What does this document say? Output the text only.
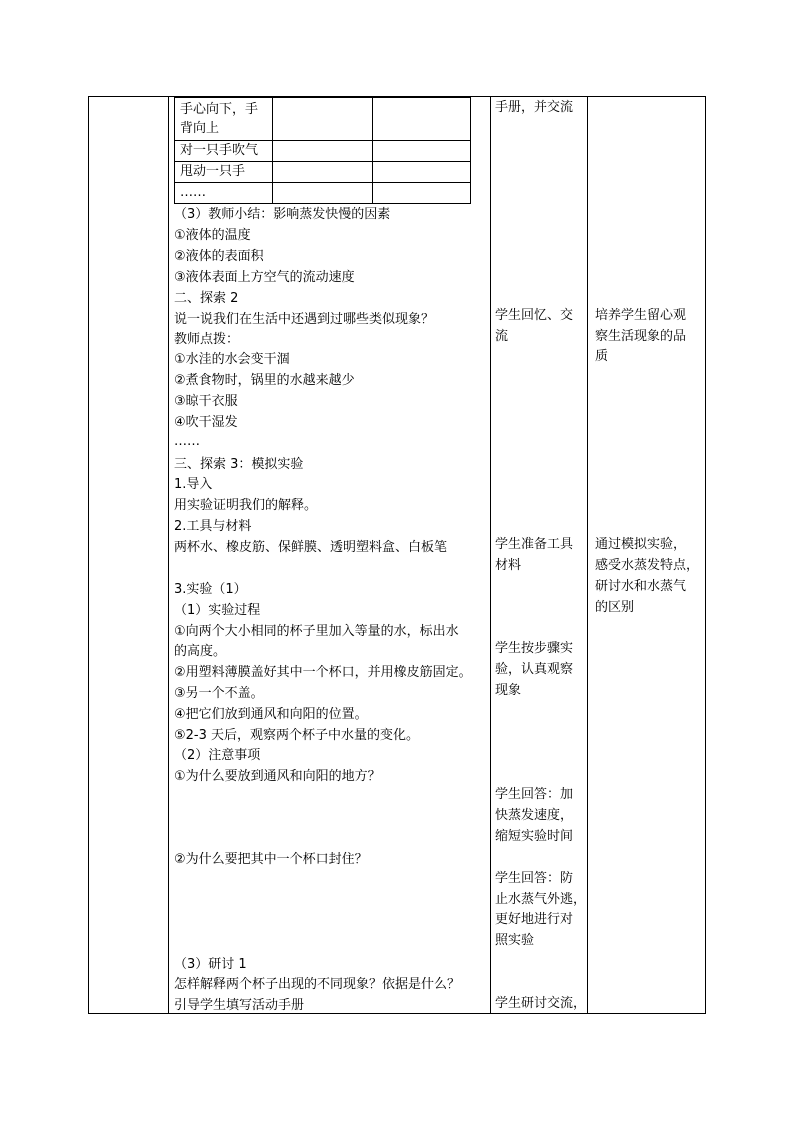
手心向下，手
背向上
对一只手吹气
甩动一只手
……
（3）教师小结：影响蒸发快慢的因素
①液体的温度
②液体的表面积
③液体表面上方空气的流动速度
二、探索 2
说一说我们在生活中还遇到过哪些类似现象？
教师点拨：
①水洼的水会变干涸
②煮食物时，锅里的水越来越少
③晾干衣服
④吹干湿发
……
三、探索 3：模拟实验
1.导入
用实验证明我们的解释。
2.工具与材料
两杯水、橡皮筋、保鲜膜、透明塑料盒、白板笔
3.实验（1）
（1）实验过程
①向两个大小相同的杯子里加入等量的水，标出水
的高度。
②用塑料薄膜盖好其中一个杯口，并用橡皮筋固定。
③另一个不盖。
④把它们放到通风和向阳的位置。
⑤2-3 天后，观察两个杯子中水量的变化。
（2）注意事项
①为什么要放到通风和向阳的地方？
②为什么要把其中一个杯口封住？
（3）研讨 1
怎样解释两个杯子出现的不同现象？依据是什么？
引导学生填写活动手册
手册，并交流
学生回忆、交
流
学生准备工具
材料
学生按步骤实
验，认真观察
现象
学生回答：加
快蒸发速度，
缩短实验时间
学生回答：防
止水蒸气外逃，
更好地进行对
照实验
学生研讨交流，
培养学生留心观
察生活现象的品
质
通过模拟实验，
感受水蒸发特点，
研讨水和水蒸气
的区别
